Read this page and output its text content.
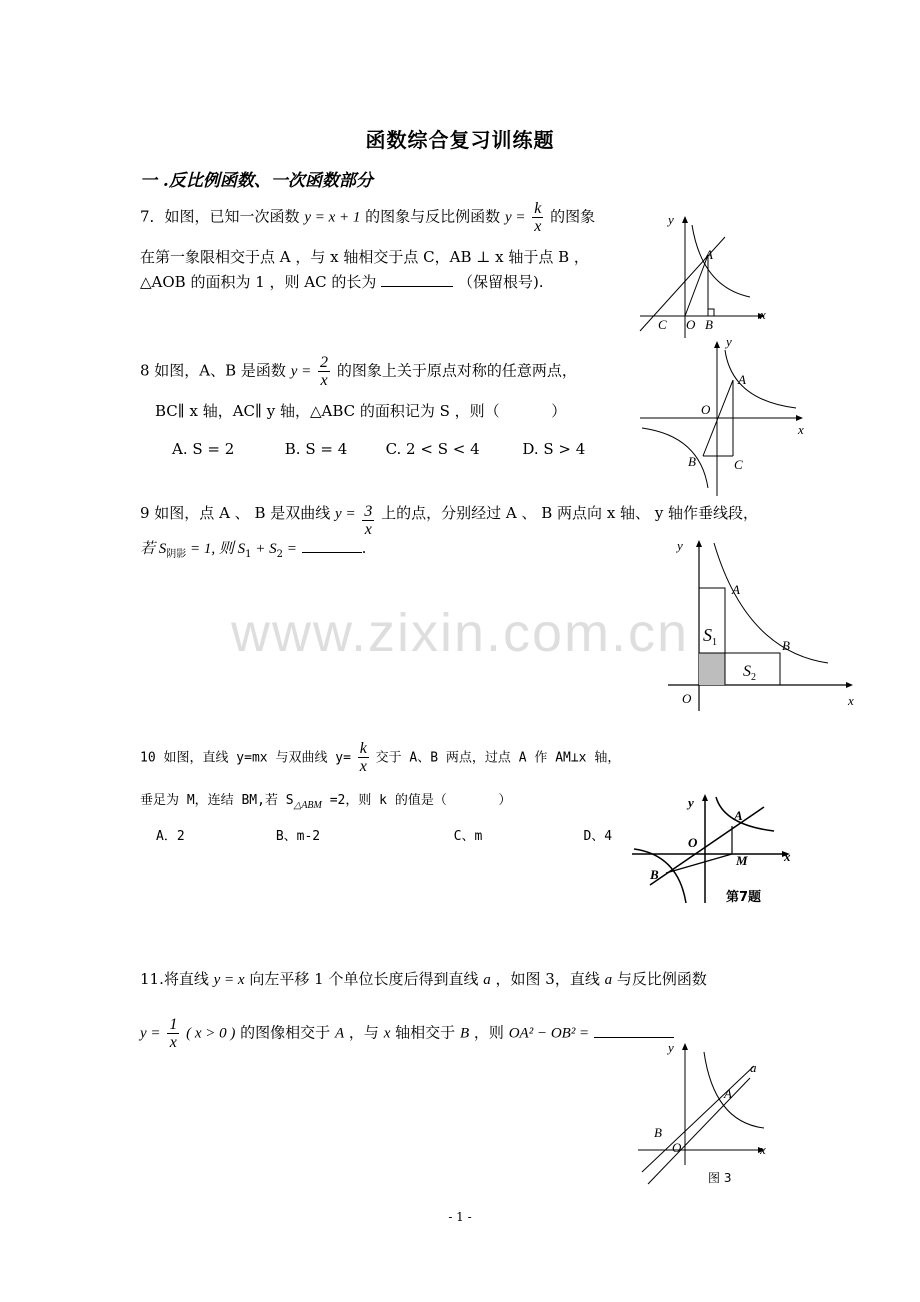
函数综合复习训练题
一 .反比例函数、一次函数部分
www.zixin.com.cn
7．如图，已知一次函数 y = x + 1 的图象与反比例函数 $y = \frac{k}{x}$ 的图象
在第一象限相交于点 A ，与 x 轴相交于点 C，AB ⊥ x 轴于点 B ，
△AOB 的面积为 1 ，则 AC 的长为	（保留根号).
y
x
A
B
C O
8 如图，A、B 是函数 $y = \frac{2}{x}$ 的图象上关于原点对称的任意两点，
BC∥ x 轴，AC∥ y 轴，△ABC 的面积记为 S ，则（	）
A. S = 2	B. S = 4	C. 2 < S < 4	D. S > 4
y
x
A
B	C
O
9 如图，点 A 、 B 是双曲线 $y = \frac{3}{x}$ 上的点，分别经过 A 、 B 两点向 x 轴、 y 轴作垂线段，
若 $S_{阴影} = 1$, 则 $S_1 + S_2$ =	.	y
x
A
B
O
$S_1$
$S_2$
10 如图，直线 y=mx 与双曲线 $y= \frac{k}{x}$ 交于 A、B 两点，过点 A 作 AM⊥x 轴，
垂足为 M，连结 BM,若 $S_{\triangle ABM} =2$，则 k 的值是（	）
A．2	B、m-2	C、m	D、4
y
x
A
B
M
O
第7题
11.将直线 y = x 向左平移 1 个单位长度后得到直线 a ，如图 3，直线 a 与反比例函数
$y = \frac{1}{x}$ ( x > 0 ) 的图像相交于 A ，与 x 轴相交于 B ，则 OA² − OB² =
y
x
A
B
O
a
图 3
- 1 -
